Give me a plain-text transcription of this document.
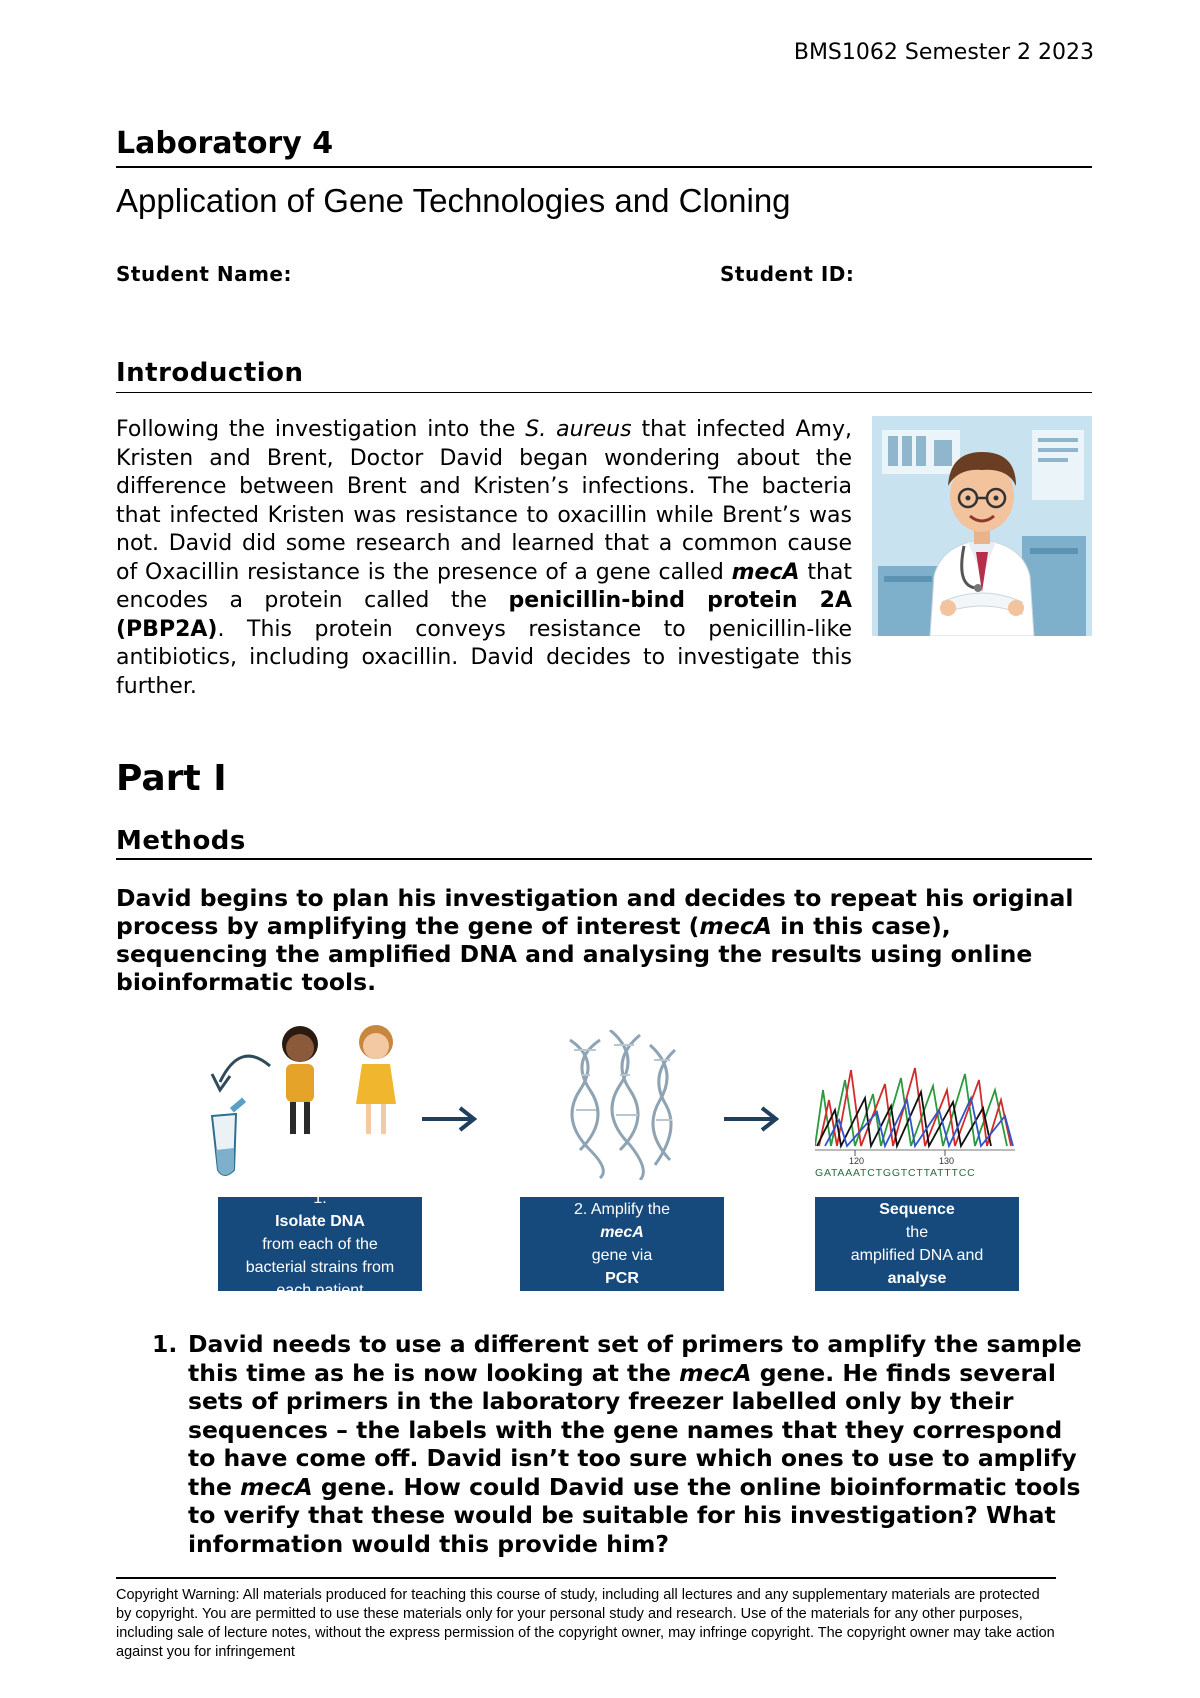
BMS1062 Semester 2 2023
Laboratory 4
Application of Gene Technologies and Cloning
Student Name:	Student ID:
Introduction
Following the investigation into the S. aureus that infected Amy, Kristen and Brent, Doctor David began wondering about the difference between Brent and Kristen’s infections. The bacteria that infected Kristen was resistance to oxacillin while Brent’s was not. David did some research and learned that a common cause of Oxacillin resistance is the presence of a gene called mecA that encodes a protein called the penicillin-bind protein 2A (PBP2A). This protein conveys resistance to penicillin-like antibiotics, including oxacillin. David decides to investigate this further.
Part I
Methods
David begins to plan his investigation and decides to repeat his original process by amplifying the gene of interest (mecA in this case), sequencing the amplified DNA and analysing the results using online bioinformatic tools.
120	130
GATAAATCTGGTCTTATTTCC
1.
Isolate DNA
from each of the
bacterial strains from
each patient
2. Amplify the
mecA
gene via
PCR
3.
Sequence
the
amplified DNA and
analyse
the results
1. David needs to use a different set of primers to amplify the sample this time as he is now looking at the mecA gene. He finds several sets of primers in the laboratory freezer labelled only by their sequences – the labels with the gene names that they correspond to have come off. David isn’t too sure which ones to use to amplify the mecA gene. How could David use the online bioinformatic tools to verify that these would be suitable for his investigation? What information would this provide him?
Copyright Warning: All materials produced for teaching this course of study, including all lectures and any supplementary materials are protected by copyright. You are permitted to use these materials only for your personal study and research. Use of the materials for any other purposes, including sale of lecture notes, without the express permission of the copyright owner, may infringe copyright. The copyright owner may take action against you for infringement
